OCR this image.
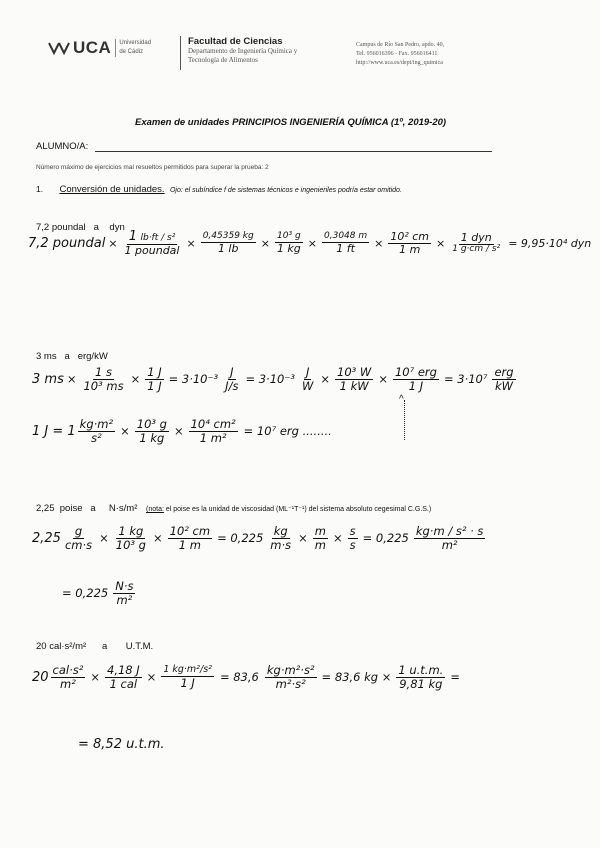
UCA Universidad
de Cádiz
Facultad de Ciencias
Departamento de Ingeniería Química y
Tecnología de Alimentos
Campus de Río San Pedro, apdo. 40,
Tel. 956016396 - Fax. 956016411
http://www.uca.es/dept/ing_quimica
Examen de unidades PRINCIPIOS INGENIERÍA QUÍMICA (1º, 2019-20)
ALUMNO/A:
Número máximo de ejercicios mal resueltos permitidos para superar la prueba: 2
1. Conversión de unidades. Ojo: el subíndice f de sistemas técnicos e ingenieriles podría estar omitido.
7,2 poundal   a    dyn
7,2 poundal × $\frac{\text{1 lb·ft / s²}}{\text{1 poundal}} \times \frac{0,45359 kg}{1 lb} \times \frac{\text{10³ g}}{1 kg} \times \frac{0,3048 m}{1 ft} \times \frac{\text{10² cm}}{1 m} \times \frac{\text{1 dyn}}{\text{1 g·cm / s²}} = 9,95\cdot 10^4$ dyn
3 ms   a   erg/kW
3 ms × $\frac{1 s}{\text{10³ ms}} \times \frac{1 J}{1 J} = 3\cdot 10^{-3} \frac{J}{J/s} = 3\cdot 10^{-3} \frac{J}{W} \times \frac{\text{10³ W}}{1 kW} \times \frac{\text{10⁷ erg}}{1 J} = 3\cdot 10^7 \frac{\text{erg}}{kW}$
1 $J = 1 \frac{\text{kg·m²}}{\text{s²}} \times \frac{\text{10³ g}}{1 kg} \times \frac{\text{10⁴ cm²}}{\text{1 m²}} = 10^7$ erg ........
^
2,25  poise   a     N·s/m² (nota: el poise es la unidad de viscosidad (ML⁻¹T⁻¹) del sistema absoluto cegesimal C.G.S.)
$2,25 \frac{g}{cm\cdot s} \times \frac{1 kg}{\text{10³ g}} \times \frac{\text{10² cm}}{1 m} = 0,225 \frac{kg}{m\cdot s} \times \frac{m}{m} \times \frac{s}{s} = 0,225 \frac{\text{kg·m / s² · s}}{\text{m²}}$
= $0,225 \frac{N\cdot s}{\text{m²}}$
20 cal·s²/m²      a       U.T.M.
$20 \frac{\text{cal·s²}}{\text{m²}} \times \frac{4,18 J}{\text{1 cal}} \times \frac{\text{1 kg·m²/s²}}{1 J} = 83,6 \frac{\text{kg·m²·s²}}{\text{m²·s²}} = 83,6$ kg × $\frac{1 u.t.m.}{9,81 kg}$ =
= 8,52 u.t.m.
